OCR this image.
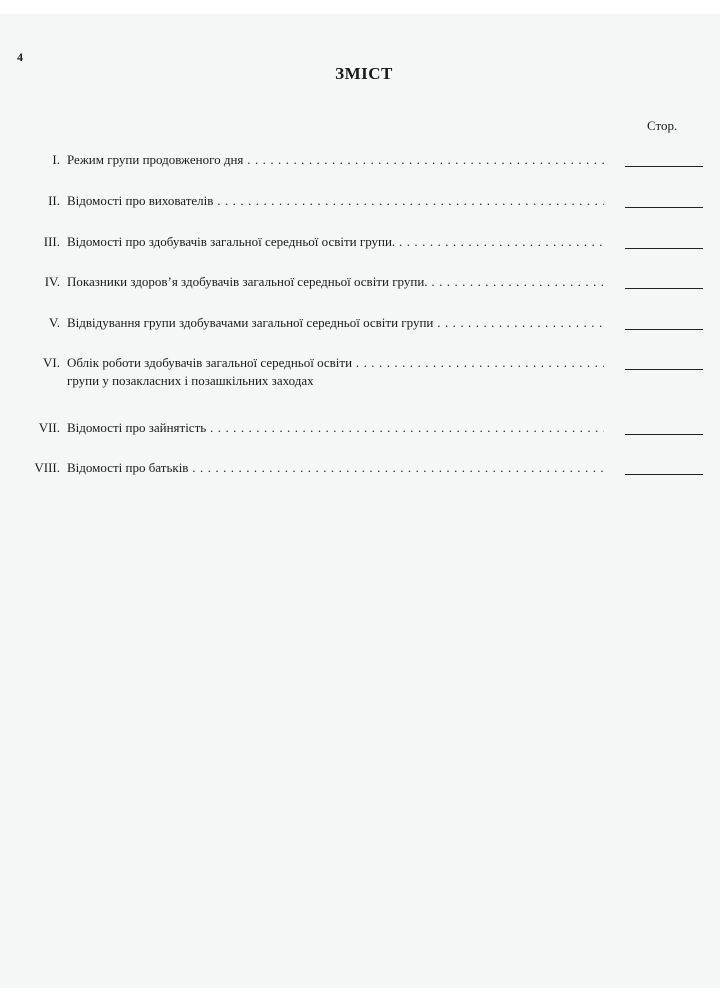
4
ЗМІСТ
Стор.
I. Режим групи продовженого дня . . .
II. Відомості про вихователів . . .
III. Відомості про здобувачів загальної середньої освіти групи. . . .
IV. Показники здоров’я здобувачів загальної середньої освіти групи. . . .
V. Відвідування групи здобувачами загальної середньої освіти групи . . .
VI. Облік роботи здобувачів загальної середньої освіти . . .
групи у позакласних і позашкільних заходах
VII. Відомості про зайнятість . . .
VIII. Відомості про батьків . . .
